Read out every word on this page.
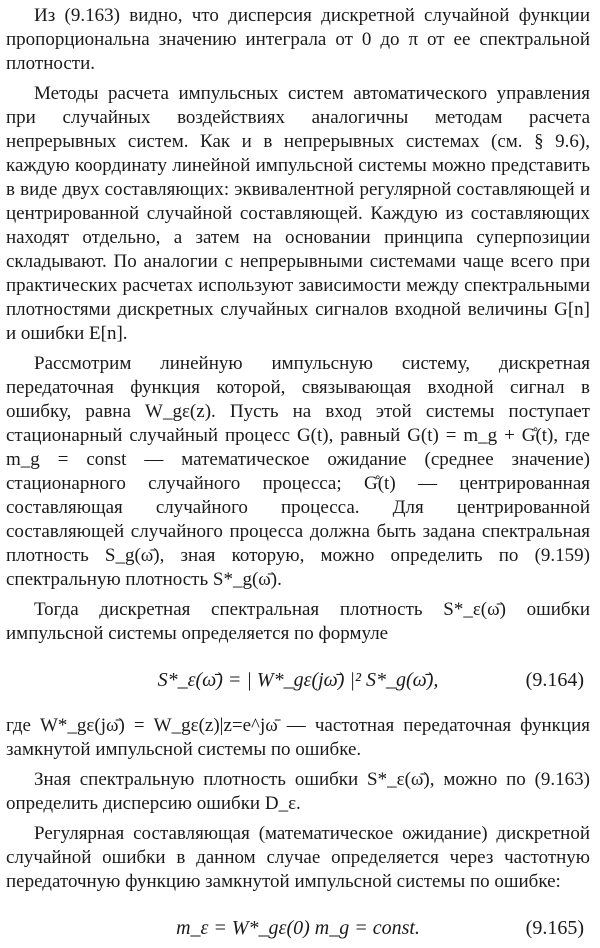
Из (9.163) видно, что дисперсия дискретной случайной функции пропорциональна значению интеграла от 0 до π от ее спектральной плотности.

Методы расчета импульсных систем автоматического управления при случайных воздействиях аналогичны методам расчета непрерывных систем. Как и в непрерывных системах (см. § 9.6), каждую координату линейной импульсной системы можно представить в виде двух составляющих: эквивалентной регулярной составляющей и центрированной случайной составляющей. Каждую из составляющих находят отдельно, а затем на основании принципа суперпозиции складывают. По аналогии с непрерывными системами чаще всего при практических расчетах используют зависимости между спектральными плотностями дискретных случайных сигналов входной величины G[n] и ошибки E[n].

Рассмотрим линейную импульсную систему, дискретная передаточная функция которой, связывающая входной сигнал в ошибку, равна W_gε(z). Пусть на вход этой системы поступает стационарный случайный процесс G(t), равный G(t) = m_g + G̊(t), где m_g = const — математическое ожидание (среднее значение) стационарного случайного процесса; G̊(t) — центрированная составляющая случайного процесса. Для центрированной составляющей случайного процесса должна быть задана спектральная плотность S_g(ω̄), зная которую, можно определить по (9.159) спектральную плотность S*_g(ω̄).

Тогда дискретная спектральная плотность S*_ε(ω̄) ошибки импульсной системы определяется по формуле

S*_ε(ω̄) = | W*_gε(jω̄) |² S*_g(ω̄),	(9.164)

где W*_gε(jω̄) = W_gε(z)|z=e^jω̄ — частотная передаточная функция замкнутой импульсной системы по ошибке.

Зная спектральную плотность ошибки S*_ε(ω̄), можно по (9.163) определить дисперсию ошибки D_ε.

Регулярная составляющая (математическое ожидание) дискретной случайной ошибки в данном случае определяется через частотную передаточную функцию замкнутой импульсной системы по ошибке:

m_ε = W*_gε(0) m_g = const.	(9.165)
